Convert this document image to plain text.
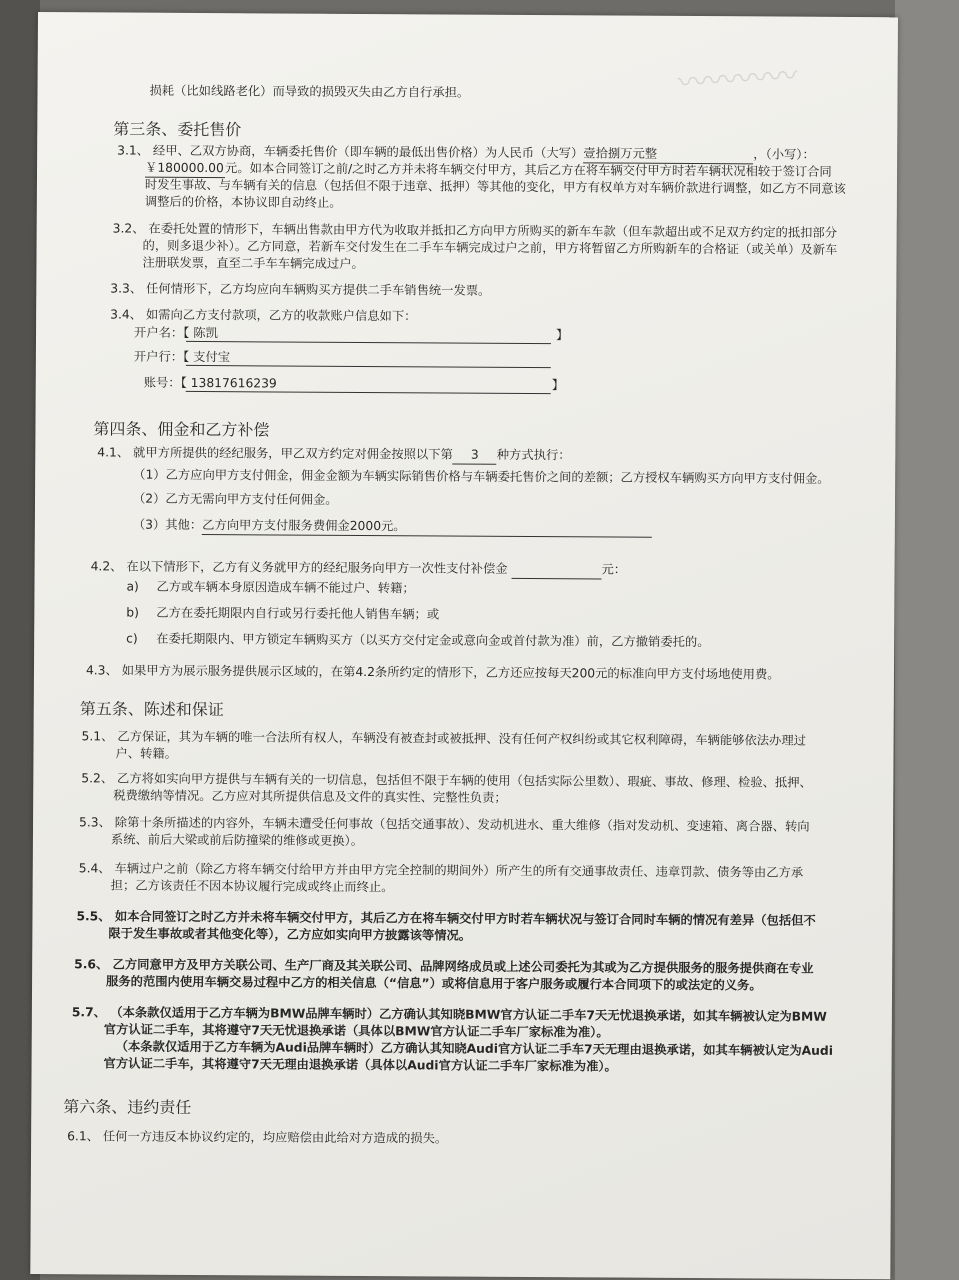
〰〰〰〰
损耗（比如线路老化）而导致的损毁灭失由乙方自行承担。
第三条、委托售价
3.1、 经甲、乙双方协商，车辆委托售价（即车辆的最低出售价格）为人民币（大写）壹拾捌万元整	，（小写）：
￥180000.00元。如本合同签订之前/之时乙方并未将车辆交付甲方，其后乙方在将车辆交付甲方时若车辆状况相较于签订合同
时发生事故、与车辆有关的信息（包括但不限于违章、抵押）等其他的变化，甲方有权单方对车辆价款进行调整，如乙方不同意该
调整后的价格，本协议即自动终止。
3.2、 在委托处置的情形下，车辆出售款由甲方代为收取并抵扣乙方向甲方所购买的新车车款（但车款超出或不足双方约定的抵扣部分
的，则多退少补）。乙方同意，若新车交付发生在二手车车辆完成过户之前，甲方将暂留乙方所购新车的合格证（或关单）及新车
注册联发票，直至二手车车辆完成过户。
3.3、 任何情形下，乙方均应向车辆购买方提供二手车销售统一发票。
3.4、 如需向乙方支付款项，乙方的收款账户信息如下：
开户名：【 陈凯	】
开户行：【 支付宝
账号：【 13817616239	】
第四条、佣金和乙方补偿
4.1、 就甲方所提供的经纪服务，甲乙双方约定对佣金按照以下第 3 种方式执行：
（1）乙方应向甲方支付佣金，佣金金额为车辆实际销售价格与车辆委托售价之间的差额；乙方授权车辆购买方向甲方支付佣金。
（2）乙方无需向甲方支付任何佣金。
（3）其他：乙方向甲方支付服务费佣金2000元。
4.2、 在以下情形下，乙方有义务就甲方的经纪服务向甲方一次性支付补偿金	元：
a) 乙方或车辆本身原因造成车辆不能过户、转籍；
b) 乙方在委托期限内自行或另行委托他人销售车辆；或
c) 在委托期限内、甲方锁定车辆购买方（以买方交付定金或意向金或首付款为准）前，乙方撤销委托的。
4.3、 如果甲方为展示服务提供展示区域的，在第4.2条所约定的情形下，乙方还应按每天200元的标准向甲方支付场地使用费。
第五条、陈述和保证
5.1、 乙方保证，其为车辆的唯一合法所有权人，车辆没有被查封或被抵押、没有任何产权纠纷或其它权利障碍，车辆能够依法办理过
户、转籍。
5.2、 乙方将如实向甲方提供与车辆有关的一切信息，包括但不限于车辆的使用（包括实际公里数）、瑕疵、事故、修理、检验、抵押、
税费缴纳等情况。乙方应对其所提供信息及文件的真实性、完整性负责；
5.3、 除第十条所描述的内容外，车辆未遭受任何事故（包括交通事故）、发动机进水、重大维修（指对发动机、变速箱、离合器、转向
系统、前后大梁或前后防撞梁的维修或更换）。
5.4、 车辆过户之前（除乙方将车辆交付给甲方并由甲方完全控制的期间外）所产生的所有交通事故责任、违章罚款、债务等由乙方承
担；乙方该责任不因本协议履行完成或终止而终止。
5.5、 如本合同签订之时乙方并未将车辆交付甲方，其后乙方在将车辆交付甲方时若车辆状况与签订合同时车辆的情况有差异（包括但不
限于发生事故或者其他变化等），乙方应如实向甲方披露该等情况。
5.6、 乙方同意甲方及甲方关联公司、生产厂商及其关联公司、品牌网络成员或上述公司委托为其或为乙方提供服务的服务提供商在专业
服务的范围内使用车辆交易过程中乙方的相关信息（“信息”）或将信息用于客户服务或履行本合同项下的或法定的义务。
5.7、 （本条款仅适用于乙方车辆为BMW品牌车辆时）乙方确认其知晓BMW官方认证二手车7天无忧退换承诺，如其车辆被认定为BMW
官方认证二手车，其将遵守7天无忧退换承诺（具体以BMW官方认证二手车厂家标准为准）。
（本条款仅适用于乙方车辆为Audi品牌车辆时）乙方确认其知晓Audi官方认证二手车7天无理由退换承诺，如其车辆被认定为Audi
官方认证二手车，其将遵守7天无理由退换承诺（具体以Audi官方认证二手车厂家标准为准）。
第六条、违约责任
6.1、 任何一方违反本协议约定的，均应赔偿由此给对方造成的损失。
